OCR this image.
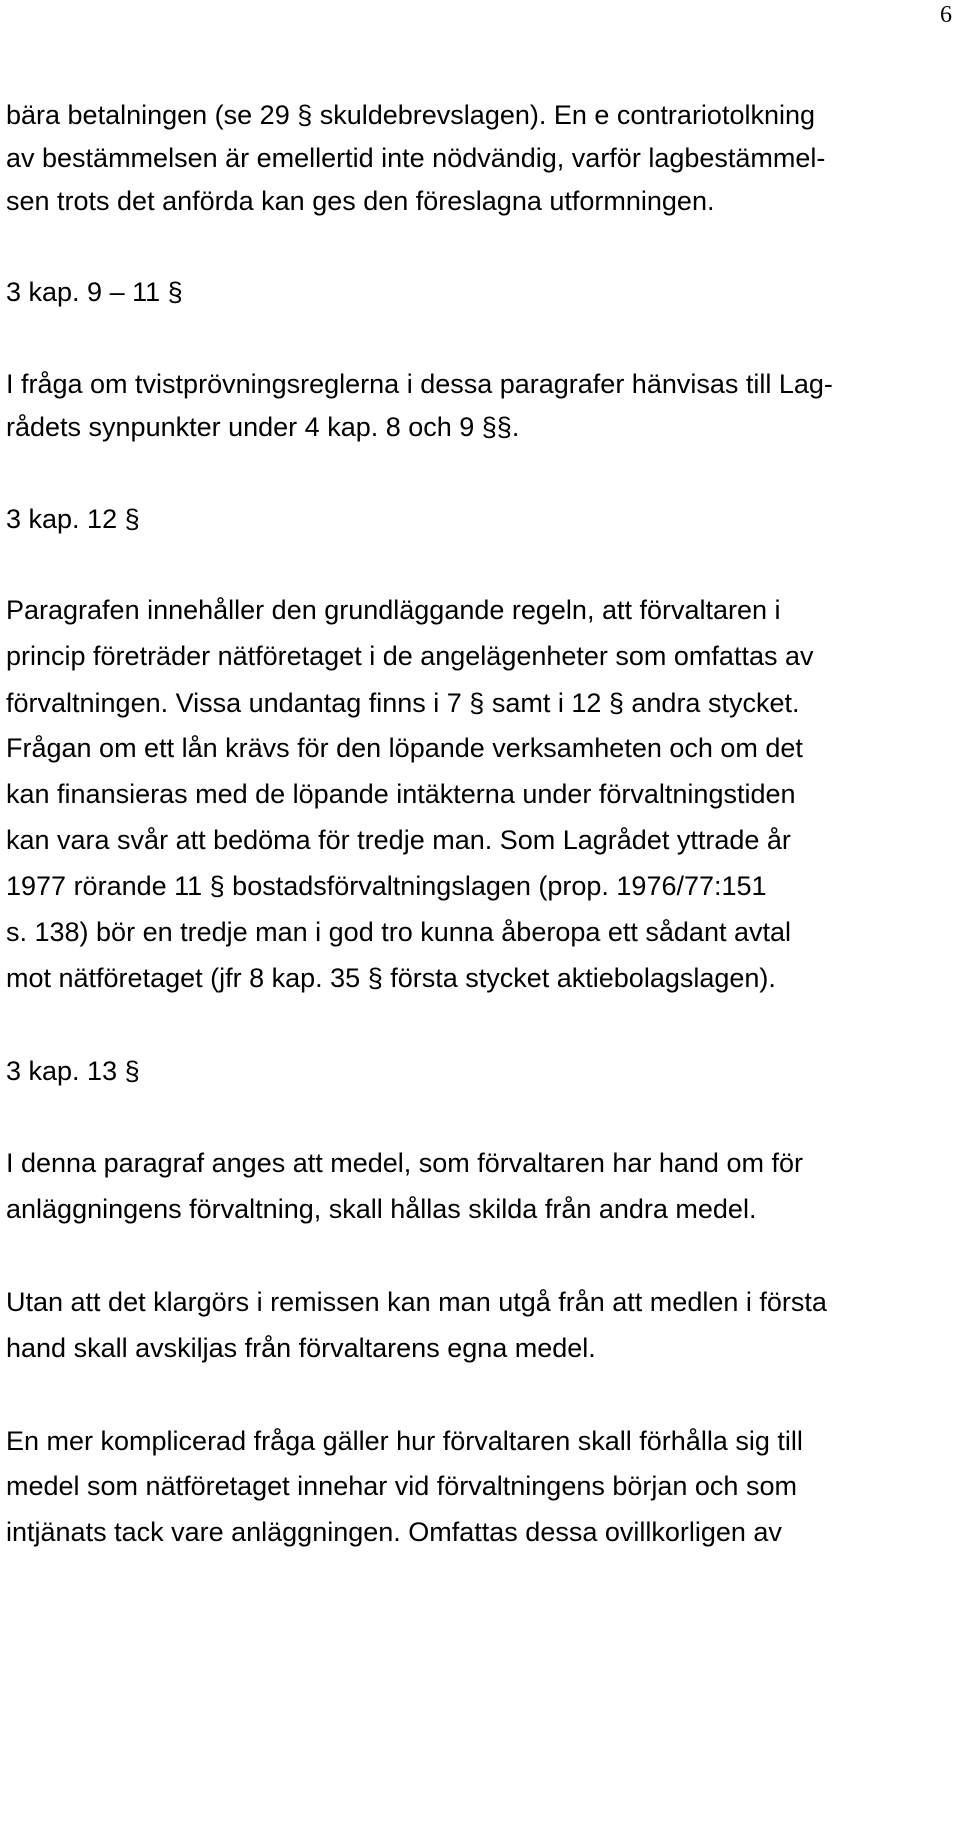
6
bära betalningen (se 29 § skuldebrevslagen). En e contrariotolkning
av bestämmelsen är emellertid inte nödvändig, varför lagbestämmel-
sen trots det anförda kan ges den föreslagna utformningen.
3 kap. 9 – 11 §
I fråga om tvistprövningsreglerna i dessa paragrafer hänvisas till Lag-
rådets synpunkter under 4 kap. 8 och 9 §§.
3 kap. 12 §
Paragrafen innehåller den grundläggande regeln, att förvaltaren i
princip företräder nätföretaget i de angelägenheter som omfattas av
förvaltningen. Vissa undantag finns i 7 § samt i 12 § andra stycket.
Frågan om ett lån krävs för den löpande verksamheten och om det
kan finansieras med de löpande intäkterna under förvaltningstiden
kan vara svår att bedöma för tredje man. Som Lagrådet yttrade år
1977 rörande 11 § bostadsförvaltningslagen (prop. 1976/77:151
s. 138) bör en tredje man i god tro kunna åberopa ett sådant avtal
mot nätföretaget (jfr 8 kap. 35 § första stycket aktiebolagslagen).
3 kap. 13 §
I denna paragraf anges att medel, som förvaltaren har hand om för
anläggningens förvaltning, skall hållas skilda från andra medel.
Utan att det klargörs i remissen kan man utgå från att medlen i första
hand skall avskiljas från förvaltarens egna medel.
En mer komplicerad fråga gäller hur förvaltaren skall förhålla sig till
medel som nätföretaget innehar vid förvaltningens början och som
intjänats tack vare anläggningen. Omfattas dessa ovillkorligen av
